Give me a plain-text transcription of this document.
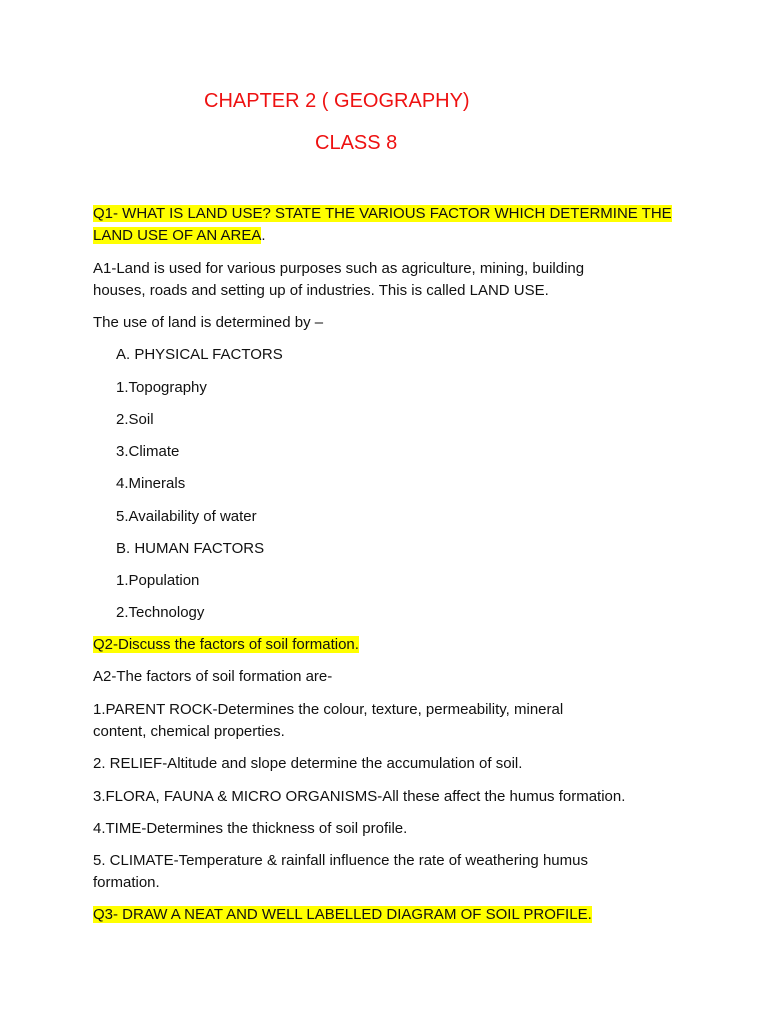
CHAPTER 2 ( GEOGRAPHY)
CLASS 8
Q1- WHAT IS LAND USE? STATE THE VARIOUS FACTOR WHICH DETERMINE THE
LAND USE OF AN AREA.
A1-Land is used for various purposes such as agriculture, mining, building
houses, roads and setting up of industries. This is called LAND USE.
The use of land is determined by –
A. PHYSICAL FACTORS
1.Topography
2.Soil
3.Climate
4.Minerals
5.Availability of water
B. HUMAN FACTORS
1.Population
2.Technology
Q2-Discuss the factors of soil formation.
A2-The factors of soil formation are-
1.PARENT ROCK-Determines the colour, texture, permeability, mineral
content, chemical properties.
2. RELIEF-Altitude and slope determine the accumulation of soil.
3.FLORA, FAUNA & MICRO ORGANISMS-All these affect the humus formation.
4.TIME-Determines the thickness of soil profile.
5. CLIMATE-Temperature & rainfall influence the rate of weathering humus
formation.
Q3- DRAW A NEAT AND WELL LABELLED DIAGRAM OF SOIL PROFILE.
